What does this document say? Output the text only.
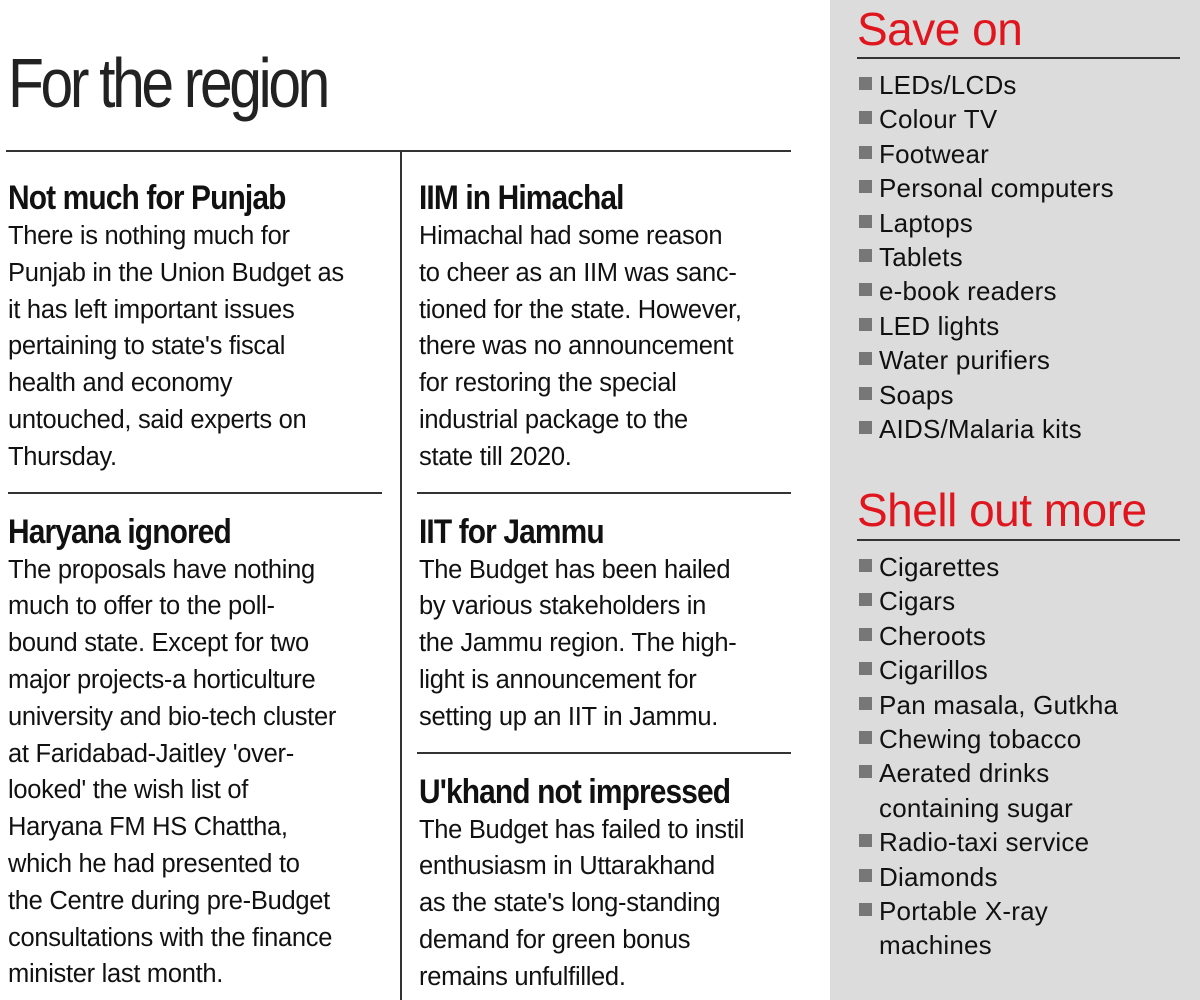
For the region
Not much for Punjab

There is nothing much for
Punjab in the Union Budget as
it has left important issues
pertaining to state's fiscal
health and economy
untouched, said experts on
Thursday.

Haryana ignored

The proposals have nothing
much to offer to the poll-
bound state. Except for two
major projects-a horticulture
university and bio-tech cluster
at Faridabad-Jaitley 'over-
looked' the wish list of
Haryana FM HS Chattha,
which he had presented to
the Centre during pre-Budget
consultations with the finance
minister last month.

IIM in Himachal

Himachal had some reason
to cheer as an IIM was sanc-
tioned for the state. However,
there was no announcement
for restoring the special
industrial package to the
state till 2020.

IIT for Jammu

The Budget has been hailed
by various stakeholders in
the Jammu region. The high-
light is announcement for
setting up an IIT in Jammu.

U'khand not impressed

The Budget has failed to instil
enthusiasm in Uttarakhand
as the state's long-standing
demand for green bonus
remains unfulfilled.

Save on
LEDs/LCDs
Colour TV
Footwear
Personal computers
Laptops
Tablets
e-book readers
LED lights
Water purifiers
Soaps
AIDS/Malaria kits
Shell out more
Cigarettes
Cigars
Cheroots
Cigarillos
Pan masala, Gutkha
Chewing tobacco
Aerated drinks containing sugar
Radio-taxi service
Diamonds
Portable X-ray machines
